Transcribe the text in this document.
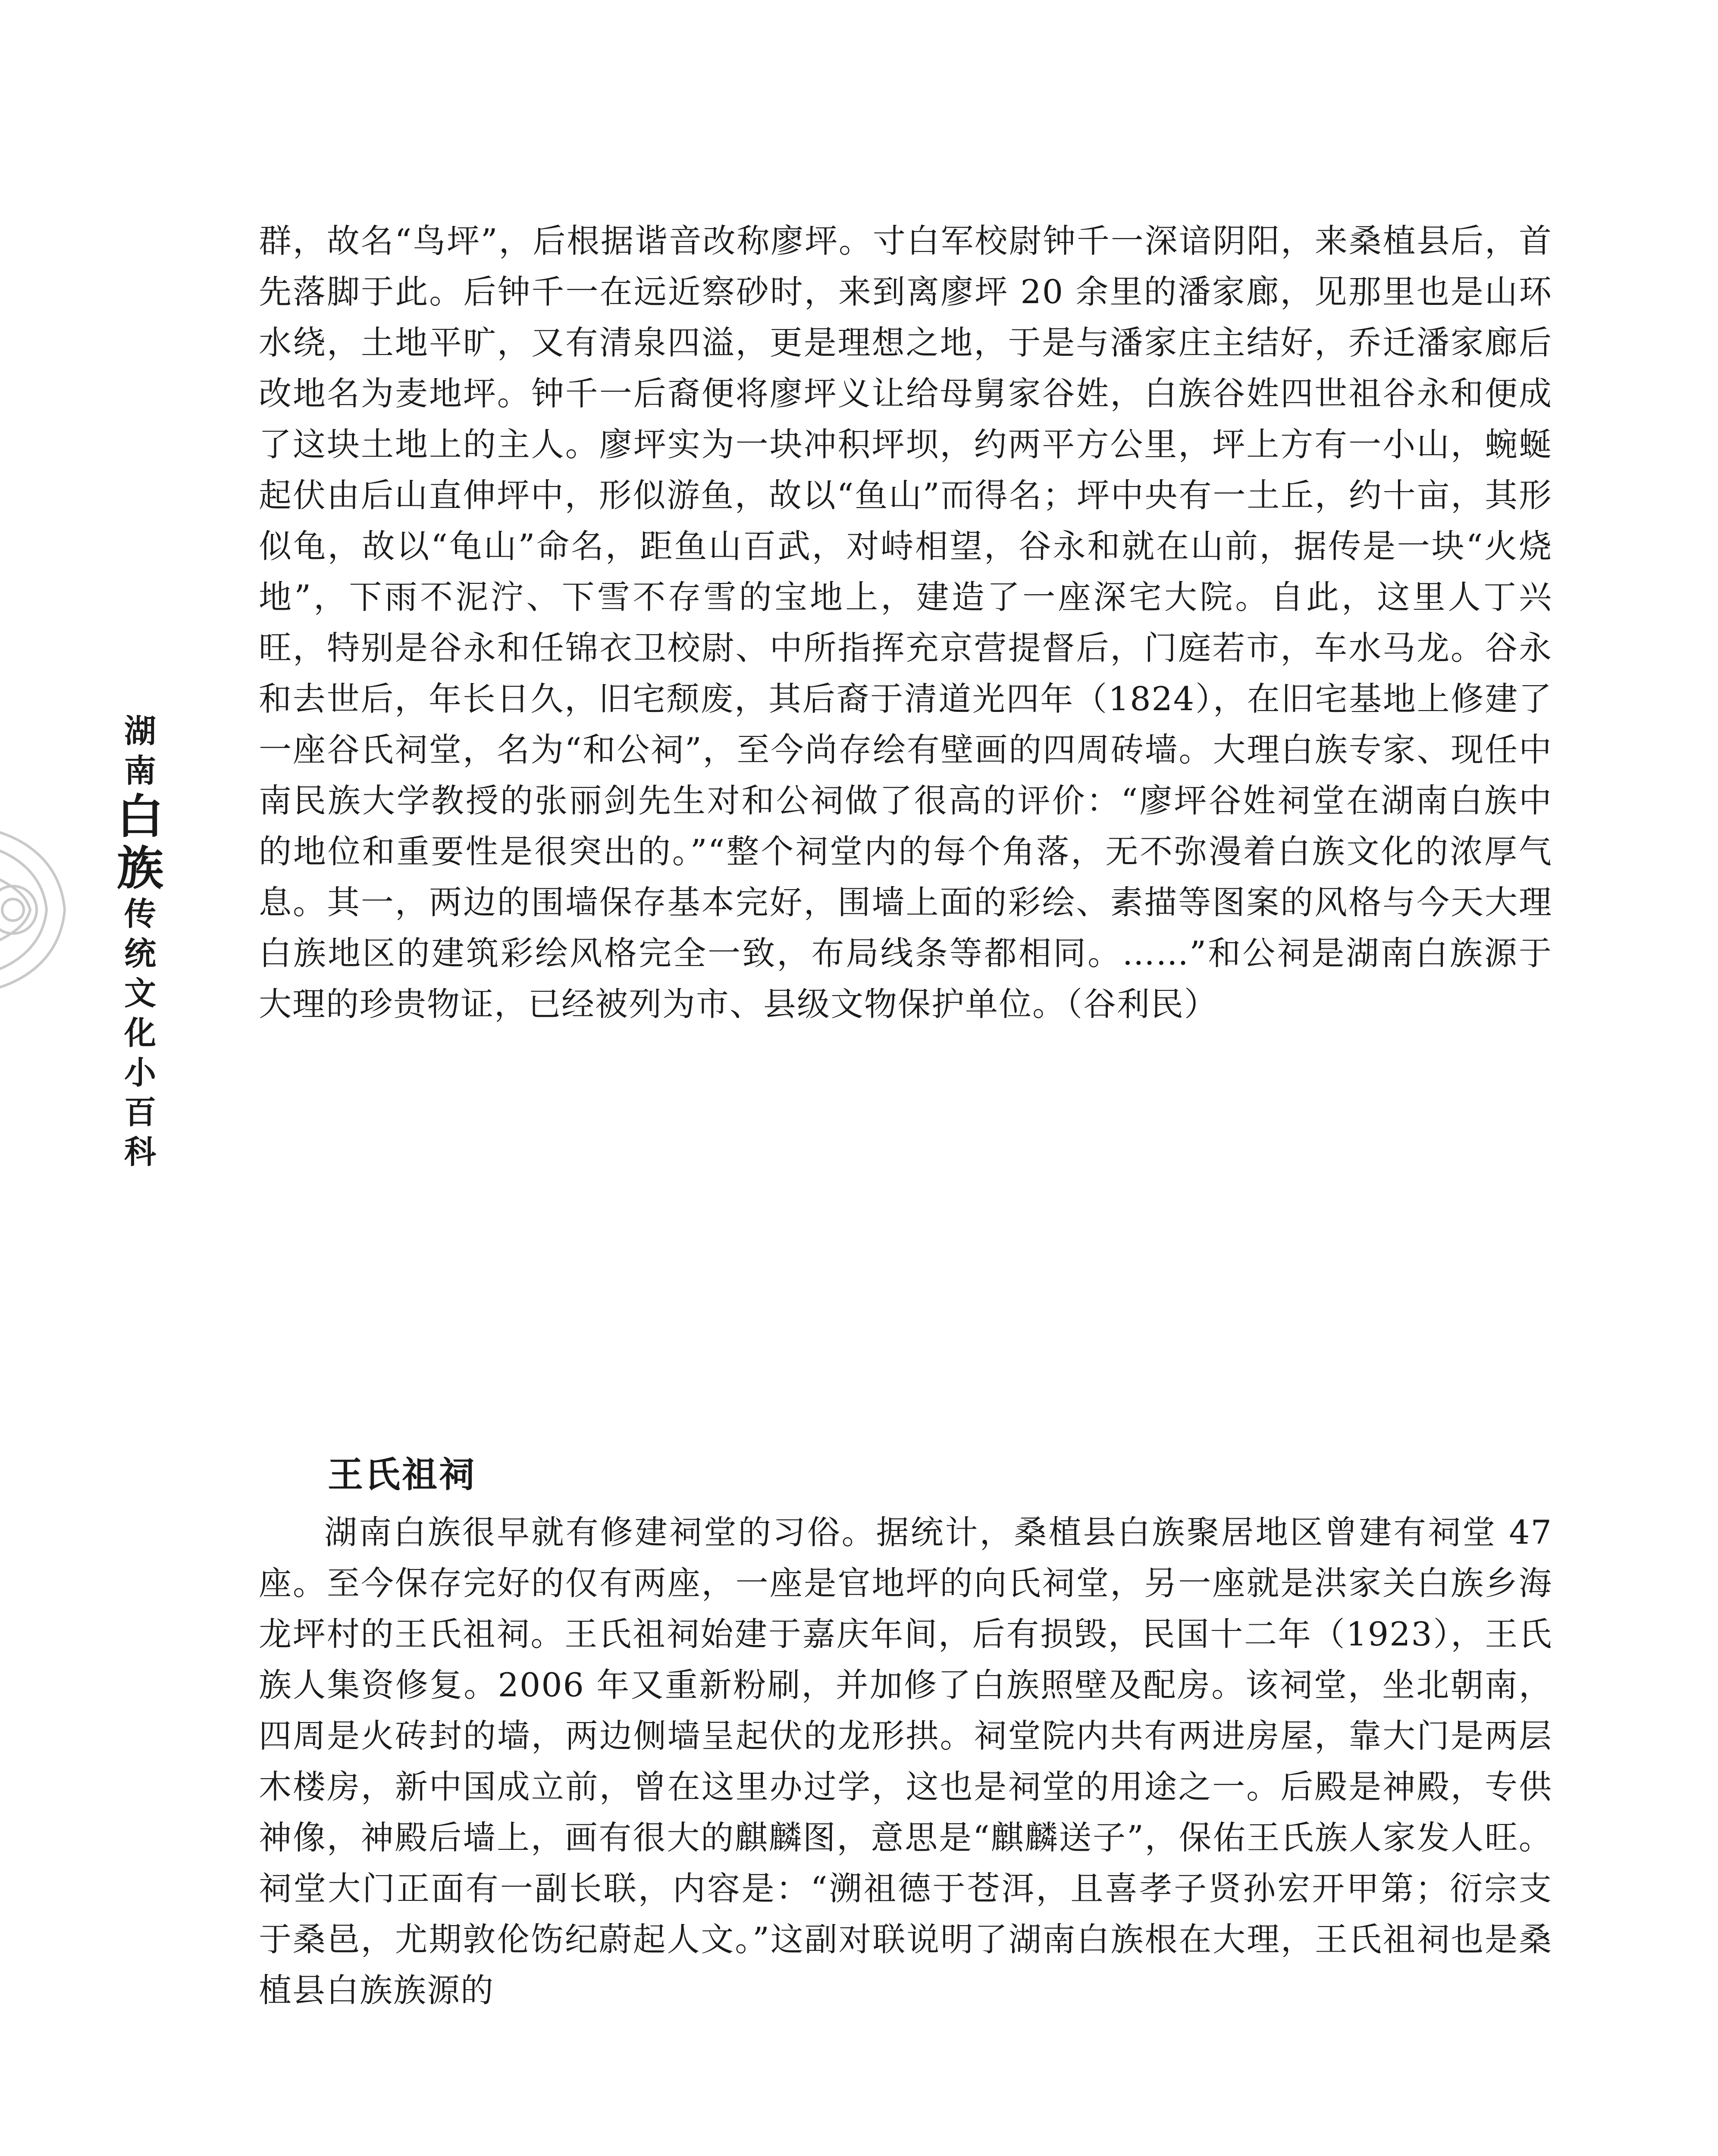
湖
南
白
族
传
统
文
化
小
百
科

群，故名“鸟坪”，后根据谐音改称廖坪。寸白军校尉钟千一深谙阴阳，来桑植县后，首先落脚于此。后钟千一在远近察砂时，来到离廖坪 20 余里的潘家廊，见那里也是山环水绕，土地平旷，又有清泉四溢，更是理想之地，于是与潘家庄主结好，乔迁潘家廊后改地名为麦地坪。钟千一后裔便将廖坪义让给母舅家谷姓，白族谷姓四世祖谷永和便成了这块土地上的主人。廖坪实为一块冲积坪坝，约两平方公里，坪上方有一小山，蜿蜒起伏由后山直伸坪中，形似游鱼，故以“鱼山”而得名；坪中央有一土丘，约十亩，其形似龟，故以“龟山”命名，距鱼山百武，对峙相望，谷永和就在山前，据传是一块“火烧地”，下雨不泥泞、下雪不存雪的宝地上，建造了一座深宅大院。自此，这里人丁兴旺，特别是谷永和任锦衣卫校尉、中所指挥充京营提督后，门庭若市，车水马龙。谷永和去世后，年长日久，旧宅颓废，其后裔于清道光四年（1824），在旧宅基地上修建了一座谷氏祠堂，名为“和公祠”，至今尚存绘有壁画的四周砖墙。大理白族专家、现任中南民族大学教授的张丽剑先生对和公祠做了很高的评价：“廖坪谷姓祠堂在湖南白族中的地位和重要性是很突出的。”“整个祠堂内的每个角落，无不弥漫着白族文化的浓厚气息。其一，两边的围墙保存基本完好，围墙上面的彩绘、素描等图案的风格与今天大理白族地区的建筑彩绘风格完全一致，布局线条等都相同。……”和公祠是湖南白族源于大理的珍贵物证，已经被列为市、县级文物保护单位。（谷利民）

王氏祖祠

湖南白族很早就有修建祠堂的习俗。据统计，桑植县白族聚居地区曾建有祠堂 47 座。至今保存完好的仅有两座，一座是官地坪的向氏祠堂，另一座就是洪家关白族乡海龙坪村的王氏祖祠。王氏祖祠始建于嘉庆年间，后有损毁，民国十二年（1923），王氏族人集资修复。2006 年又重新粉刷，并加修了白族照壁及配房。该祠堂，坐北朝南，四周是火砖封的墙，两边侧墙呈起伏的龙形拱。祠堂院内共有两进房屋，靠大门是两层木楼房，新中国成立前，曾在这里办过学，这也是祠堂的用途之一。后殿是神殿，专供神像，神殿后墙上，画有很大的麒麟图，意思是“麒麟送子”，保佑王氏族人家发人旺。祠堂大门正面有一副长联，内容是：“溯祖德于苍洱，且喜孝子贤孙宏开甲第；衍宗支于桑邑，尤期敦伦饬纪蔚起人文。”这副对联说明了湖南白族根在大理，王氏祖祠也是桑植县白族族源的
